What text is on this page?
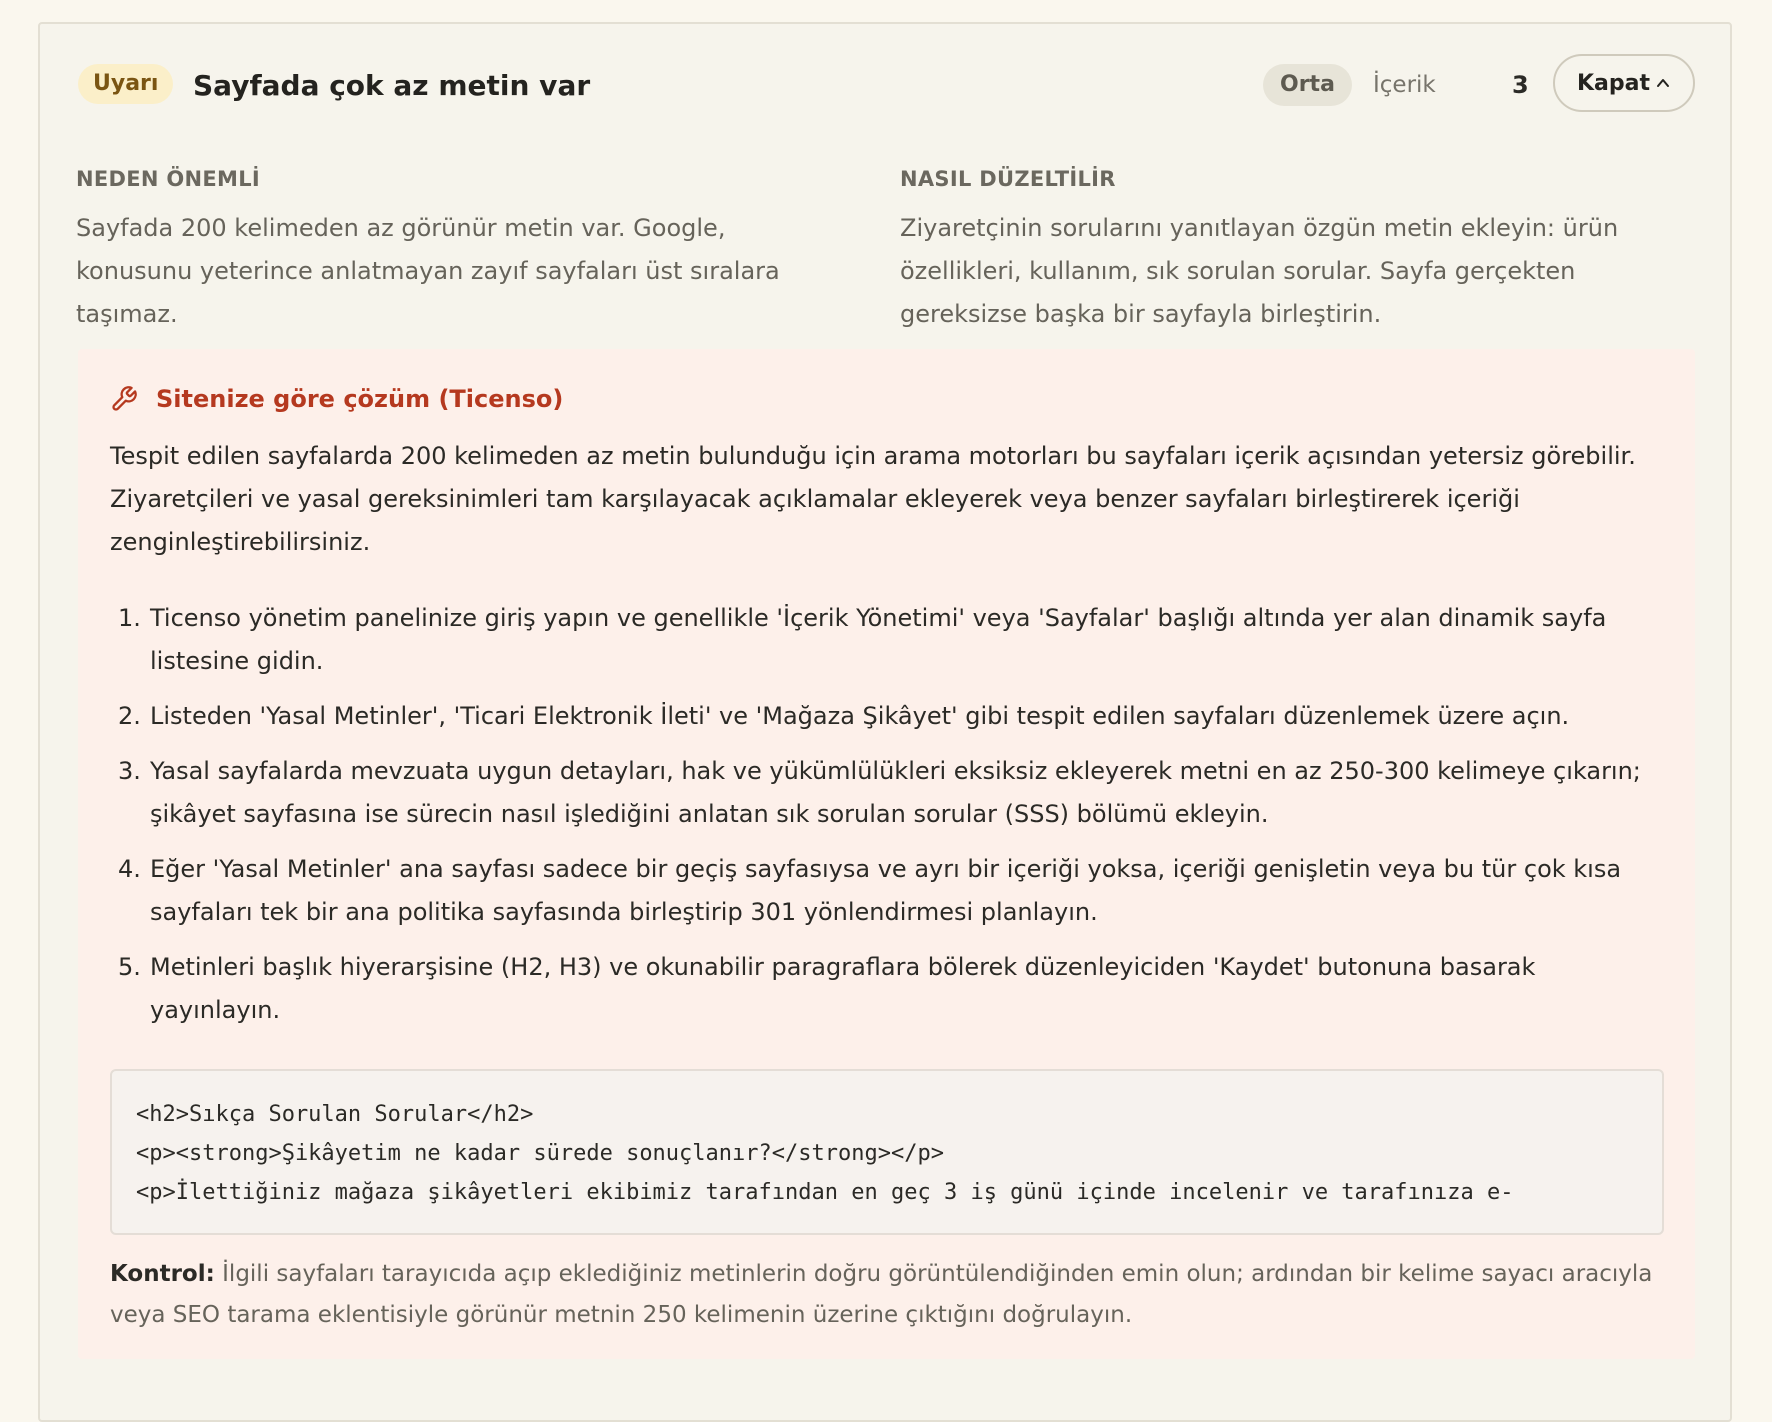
Uyarı	Sayfada çok az metin var	Orta	İçerik	3	Kapat
NEDEN ÖNEMLİ
Sayfada 200 kelimeden az görünür metin var. Google, konusunu yeterince anlatmayan zayıf sayfaları üst sıralara taşımaz.
NASIL DÜZELTİLİR
Ziyaretçinin sorularını yanıtlayan özgün metin ekleyin: ürün özellikleri, kullanım, sık sorulan sorular. Sayfa gerçekten gereksizse başka bir sayfayla birleştirin.
Sitenize göre çözüm (Ticenso)
Tespit edilen sayfalarda 200 kelimeden az metin bulunduğu için arama motorları bu sayfaları içerik açısından yetersiz görebilir. Ziyaretçileri ve yasal gereksinimleri tam karşılayacak açıklamalar ekleyerek veya benzer sayfaları birleştirerek içeriği zenginleştirebilirsiniz.
1. Ticenso yönetim panelinize giriş yapın ve genellikle 'İçerik Yönetimi' veya 'Sayfalar' başlığı altında yer alan dinamik sayfa listesine gidin.
2. Listeden 'Yasal Metinler', 'Ticari Elektronik İleti' ve 'Mağaza Şikâyet' gibi tespit edilen sayfaları düzenlemek üzere açın.
3. Yasal sayfalarda mevzuata uygun detayları, hak ve yükümlülükleri eksiksiz ekleyerek metni en az 250-300 kelimeye çıkarın; şikâyet sayfasına ise sürecin nasıl işlediğini anlatan sık sorulan sorular (SSS) bölümü ekleyin.
4. Eğer 'Yasal Metinler' ana sayfası sadece bir geçiş sayfasıysa ve ayrı bir içeriği yoksa, içeriği genişletin veya bu tür çok kısa sayfaları tek bir ana politika sayfasında birleştirip 301 yönlendirmesi planlayın.
5. Metinleri başlık hiyerarşisine (H2, H3) ve okunabilir paragraflara bölerek düzenleyiciden 'Kaydet' butonuna basarak yayınlayın.
<h2>Sıkça Sorulan Sorular</h2>
<p><strong>Şikâyetim ne kadar sürede sonuçlanır?</strong></p>
<p>İlettiğiniz mağaza şikâyetleri ekibimiz tarafından en geç 3 iş günü içinde incelenir ve tarafınıza e-
Kontrol: İlgili sayfaları tarayıcıda açıp eklediğiniz metinlerin doğru görüntülendiğinden emin olun; ardından bir kelime sayacı aracıyla veya SEO tarama eklentisiyle görünür metnin 250 kelimenin üzerine çıktığını doğrulayın.
